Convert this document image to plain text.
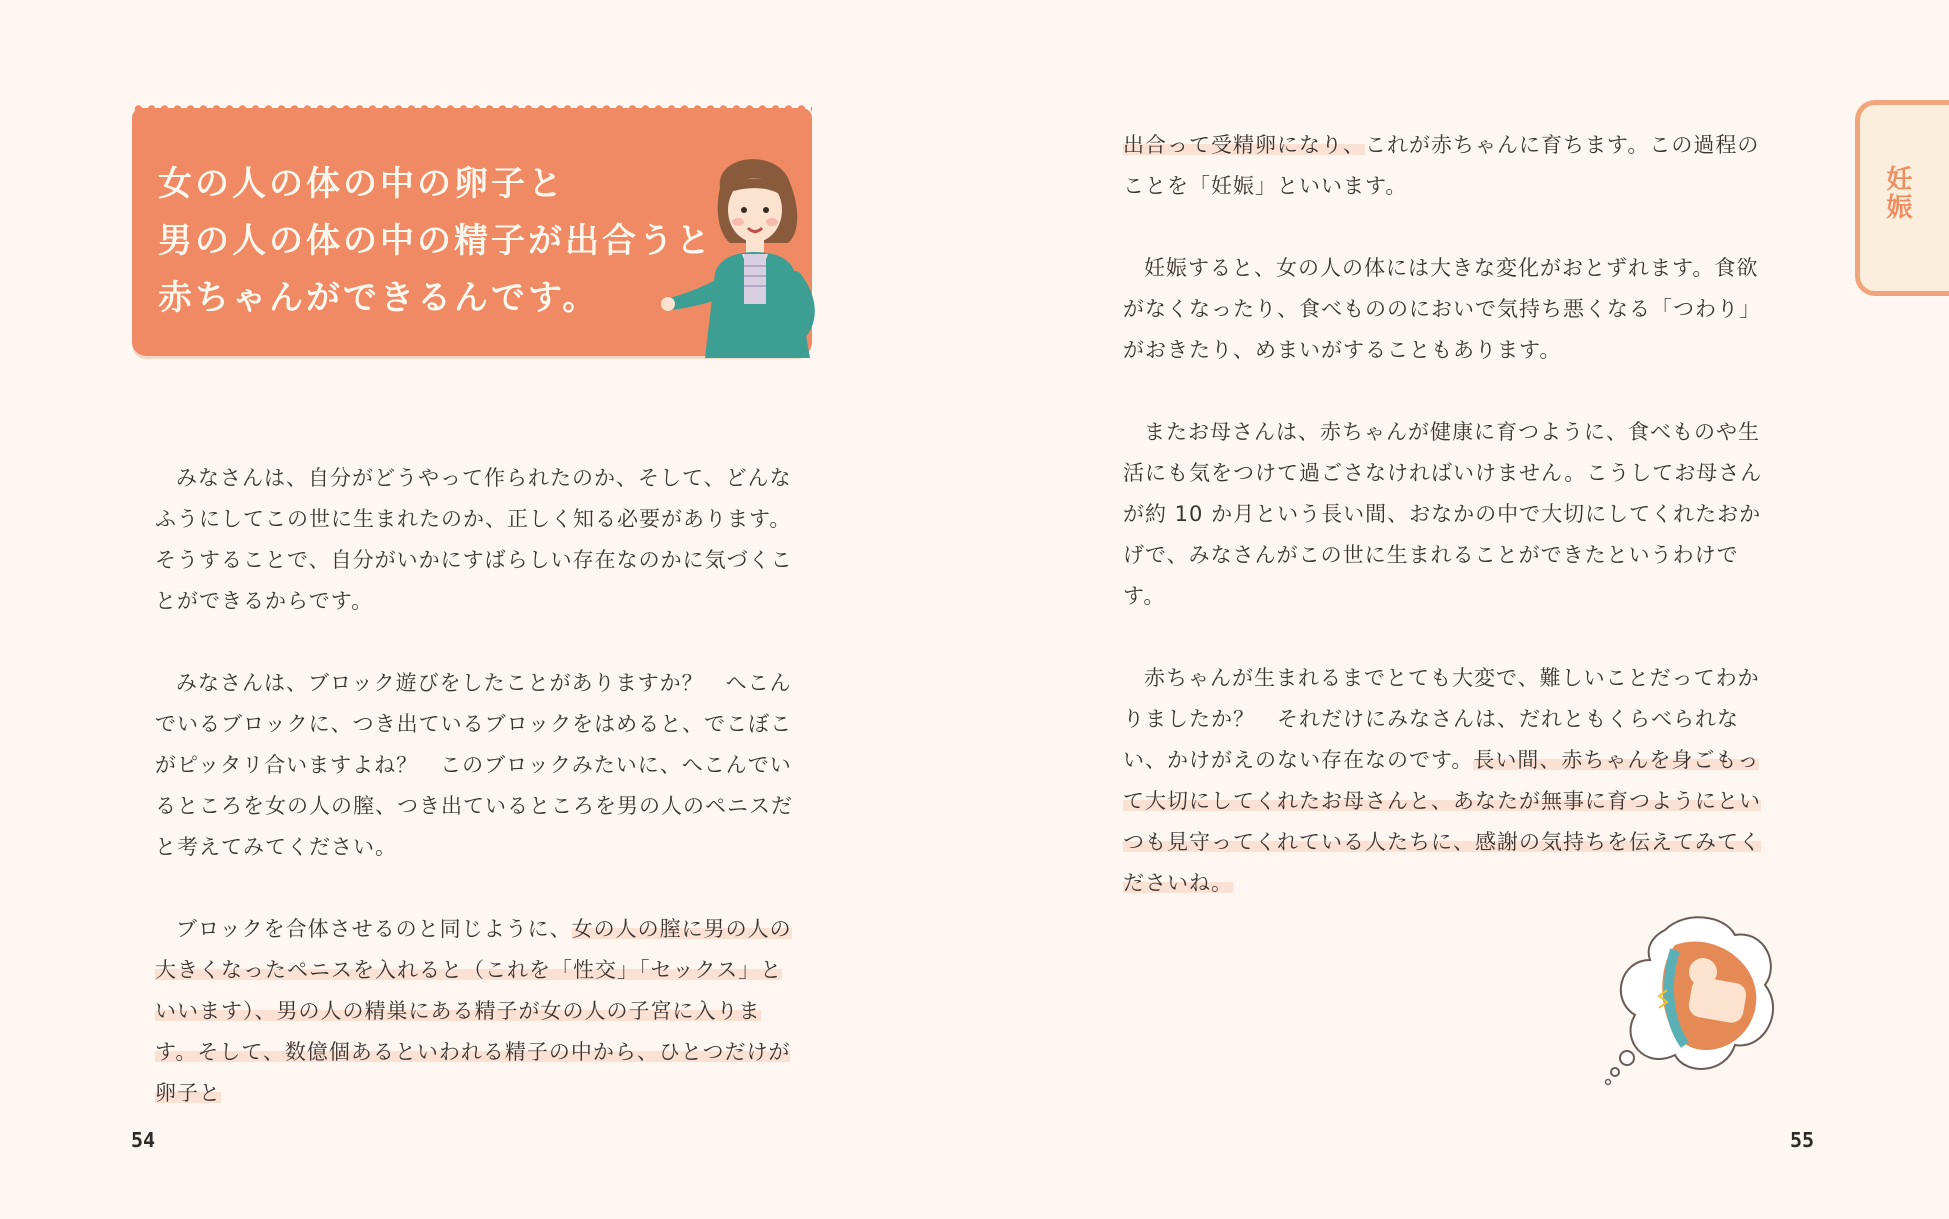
女の人の体の中の卵子と
男の人の体の中の精子が出合うと
赤ちゃんができるんです。

みなさんは、自分がどうやって作られたのか、そして、どんなふうにしてこの世に生まれたのか、正しく知る必要があります。そうすることで、自分がいかにすばらしい存在なのかに気づくことができるからです。

みなさんは、ブロック遊びをしたことがありますか？　へこんでいるブロックに、つき出ているブロックをはめると、でこぼこがピッタリ合いますよね？　このブロックみたいに、へこんでいるところを女の人の膣、つき出ているところを男の人のペニスだと考えてみてください。

ブロックを合体させるのと同じように、女の人の膣に男の人の大きくなったペニスを入れると（これを「性交」「セックス」といいます）、男の人の精巣にある精子が女の人の子宮に入ります。そして、数億個あるといわれる精子の中から、ひとつだけが卵子と

54

出合って受精卵になり、これが赤ちゃんに育ちます。この過程のことを「妊娠」といいます。

妊娠すると、女の人の体には大きな変化がおとずれます。食欲がなくなったり、食べもののにおいで気持ち悪くなる「つわり」がおきたり、めまいがすることもあります。

またお母さんは、赤ちゃんが健康に育つように、食べものや生活にも気をつけて過ごさなければいけません。こうしてお母さんが約 10 か月という長い間、おなかの中で大切にしてくれたおかげで、みなさんがこの世に生まれることができたというわけです。

赤ちゃんが生まれるまでとても大変で、難しいことだってわかりましたか？　それだけにみなさんは、だれともくらべられない、かけがえのない存在なのです。長い間、赤ちゃんを身ごもって大切にしてくれたお母さんと、あなたが無事に育つようにといつも見守ってくれている人たちに、感謝の気持ちを伝えてみてくださいね。

妊娠
55
